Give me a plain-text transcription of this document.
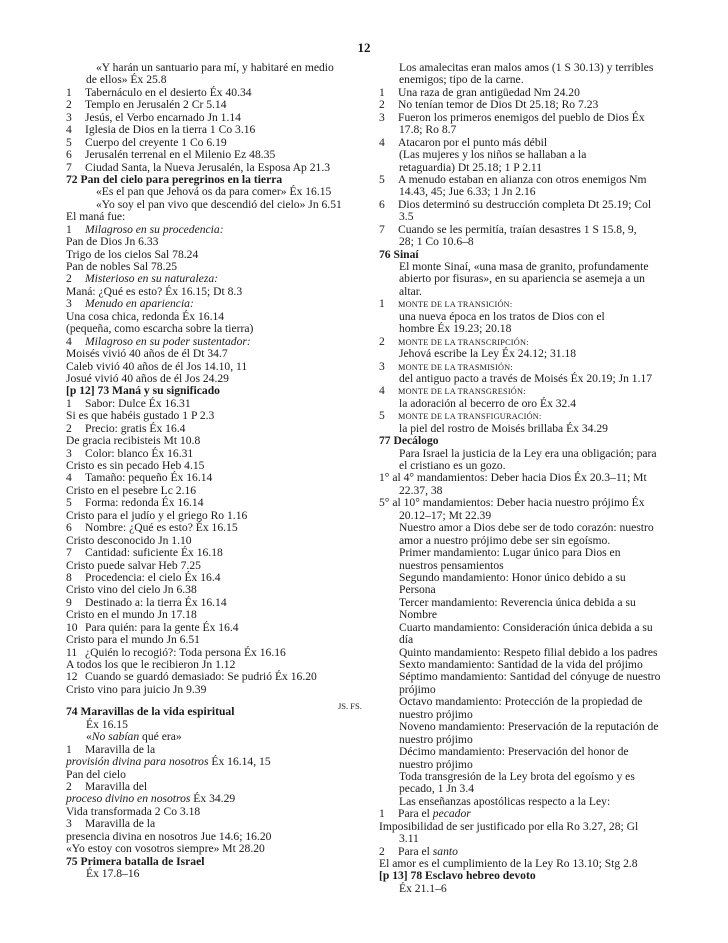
12
«Y harán un santuario para mí, y habitaré en medio
de ellos» Éx 25.8
1 Tabernáculo en el desierto Éx 40.34
2 Templo en Jerusalén 2 Cr 5.14
3 Jesús, el Verbo encarnado Jn 1.14
4 Iglesia de Dios en la tierra 1 Co 3.16
5 Cuerpo del creyente 1 Co 6.19
6 Jerusalén terrenal en el Milenio Ez 48.35
7 Ciudad Santa, la Nueva Jerusalén, la Esposa Ap 21.3
72 Pan del cielo para peregrinos en la tierra
«Es el pan que Jehová os da para comer» Éx 16.15
«Yo soy el pan vivo que descendió del cielo» Jn 6.51
El maná fue:
1 Milagroso en su procedencia:
Pan de Dios Jn 6.33
Trigo de los cielos Sal 78.24
Pan de nobles Sal 78.25
2 Misterioso en su naturaleza:
Maná: ¿Qué es esto? Éx 16.15; Dt 8.3
3 Menudo en apariencia:
Una cosa chica, redonda Éx 16.14
(pequeña, como escarcha sobre la tierra)
4 Milagroso en su poder sustentador:
Moisés vivió 40 años de él Dt 34.7
Caleb vivió 40 años de él Jos 14.10, 11
Josué vivió 40 años de él Jos 24.29
[p 12] 73 Maná y su significado
1 Sabor: Dulce Éx 16.31
Si es que habéis gustado 1 P 2.3
2 Precio: gratis Éx 16.4
De gracia recibisteis Mt 10.8
3 Color: blanco Éx 16.31
Cristo es sin pecado Heb 4.15
4 Tamaño: pequeño Éx 16.14
Cristo en el pesebre Lc 2.16
5 Forma: redonda Éx 16.14
Cristo para el judío y el griego Ro 1.16
6 Nombre: ¿Qué es esto? Éx 16.15
Cristo desconocido Jn 1.10
7 Cantidad: suficiente Éx 16.18
Cristo puede salvar Heb 7.25
8 Procedencia: el cielo Éx 16.4
Cristo vino del cielo Jn 6.38
9 Destinado a: la tierra Éx 16.14
Cristo en el mundo Jn 17.18
10 Para quién: para la gente Éx 16.4
Cristo para el mundo Jn 6.51
11 ¿Quién lo recogió?: Toda persona Éx 16.16
A todos los que le recibieron Jn 1.12
12 Cuando se guardó demasiado: Se pudrió Éx 16.20
Cristo vino para juicio Jn 9.39
74 Maravillas de la vida espiritual
Éx 16.15
«No sabían qué era»
1 Maravilla de la
provisión divina para nosotros Éx 16.14, 15
Pan del cielo
2 Maravilla del
proceso divino en nosotros Éx 34.29
Vida transformada 2 Co 3.18
3 Maravilla de la
presencia divina en nosotros Jue 14.6; 16.20
«Yo estoy con vosotros siempre» Mt 28.20
75 Primera batalla de Israel
Éx 17.8–16
Los amalecitas eran malos amos (1 S 30.13) y terribles
enemigos; tipo de la carne.
1 Una raza de gran antigüedad Nm 24.20
2 No tenían temor de Dios Dt 25.18; Ro 7.23
3 Fueron los primeros enemigos del pueblo de Dios Éx
17.8; Ro 8.7
4 Atacaron por el punto más débil
(Las mujeres y los niños se hallaban a la
retaguardia) Dt 25.18; 1 P 2.11
5 A menudo estaban en alianza con otros enemigos Nm
14.43, 45; Jue 6.33; 1 Jn 2.16
6 Dios determinó su destrucción completa Dt 25.19; Col
3.5
7 Cuando se les permitía, traían desastres 1 S 15.8, 9,
28; 1 Co 10.6–8
76 Sinaí
El monte Sinaí, «una masa de granito, profundamente
abierto por fisuras», en su apariencia se asemeja a un
altar.
1 MONTE DE LA TRANSICIÓN:
una nueva época en los tratos de Dios con el
hombre Éx 19.23; 20.18
2 MONTE DE LA TRANSCRIPCIÓN:
Jehová escribe la Ley Éx 24.12; 31.18
3 MONTE DE LA TRASMISIÓN:
del antiguo pacto a través de Moisés Éx 20.19; Jn 1.17
4 MONTE DE LA TRANSGRESIÓN:
la adoración al becerro de oro Éx 32.4
5 MONTE DE LA TRANSFIGURACIÓN:
la piel del rostro de Moisés brillaba Éx 34.29
77 Decálogo
Para Israel la justicia de la Ley era una obligación; para
el cristiano es un gozo.
1° al 4° mandamientos: Deber hacia Dios Éx 20.3–11; Mt
22.37, 38
5° al 10° mandamientos: Deber hacia nuestro prójimo Éx
20.12–17; Mt 22.39
Nuestro amor a Dios debe ser de todo corazón: nuestro
amor a nuestro prójimo debe ser sin egoísmo.
Primer mandamiento: Lugar único para Dios en
nuestros pensamientos
Segundo mandamiento: Honor único debido a su
Persona
Tercer mandamiento: Reverencia única debida a su
Nombre
Cuarto mandamiento: Consideración única debida a su
día
Quinto mandamiento: Respeto filial debido a los padres
Sexto mandamiento: Santidad de la vida del prójimo
Séptimo mandamiento: Santidad del cónyuge de nuestro
prójimo
Octavo mandamiento: Protección de la propiedad de
nuestro prójimo
Noveno mandamiento: Preservación de la reputación de
nuestro prójimo
Décimo mandamiento: Preservación del honor de
nuestro prójimo
Toda transgresión de la Ley brota del egoísmo y es
pecado, 1 Jn 3.4
Las enseñanzas apostólicas respecto a la Ley:
1 Para el pecador
Imposibilidad de ser justificado por ella Ro 3.27, 28; Gl
3.11
2 Para el santo
El amor es el cumplimiento de la Ley Ro 13.10; Stg 2.8
[p 13] 78 Esclavo hebreo devoto
Éx 21.1–6
JS. FS.
